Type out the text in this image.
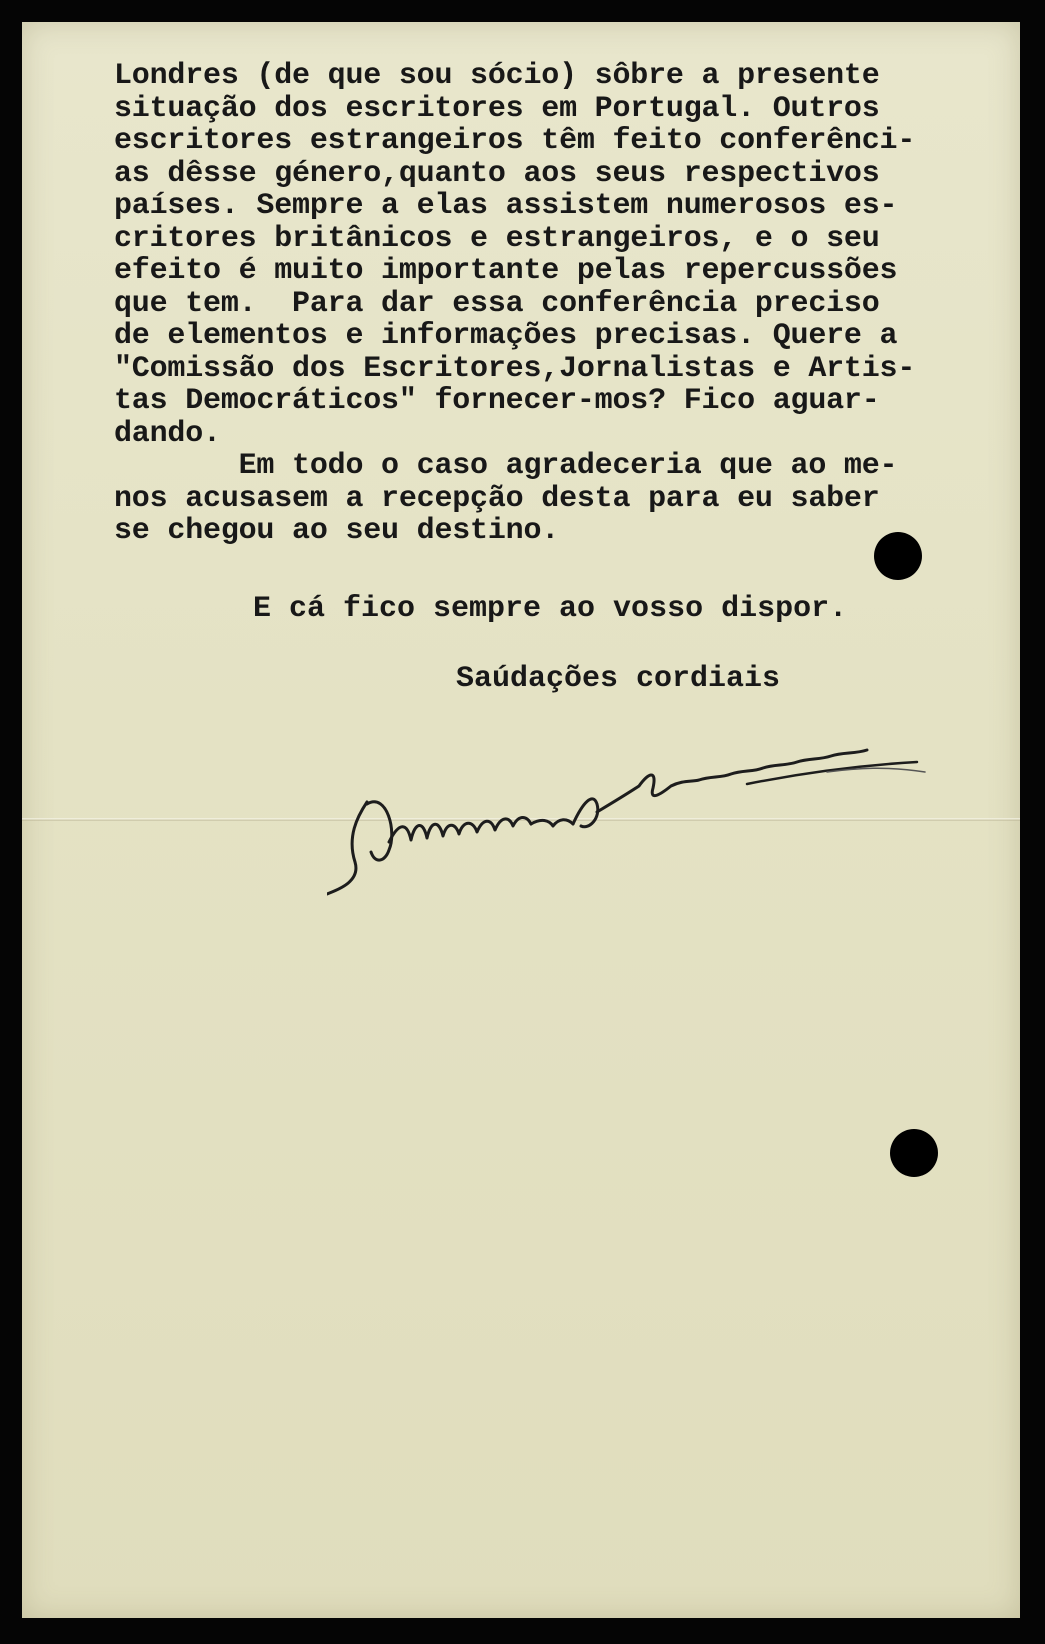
Londres (de que sou sócio) sôbre a presente
situação dos escritores em Portugal. Outros
escritores estrangeiros têm feito conferênci-
as dêsse género,quanto aos seus respectivos
países. Sempre a elas assistem numerosos es-
critores britânicos e estrangeiros, e o seu
efeito é muito importante pelas repercussões
que tem.  Para dar essa conferência preciso
de elementos e informações precisas. Quere a
"Comissão dos Escritores,Jornalistas e Artis-
tas Democráticos" fornecer-mos? Fico aguar-
dando.
Em todo o caso agradeceria que ao me-
nos acusasem a recepção desta para eu saber
se chegou ao seu destino.
E cá fico sempre ao vosso dispor.
Saúdações cordiais
